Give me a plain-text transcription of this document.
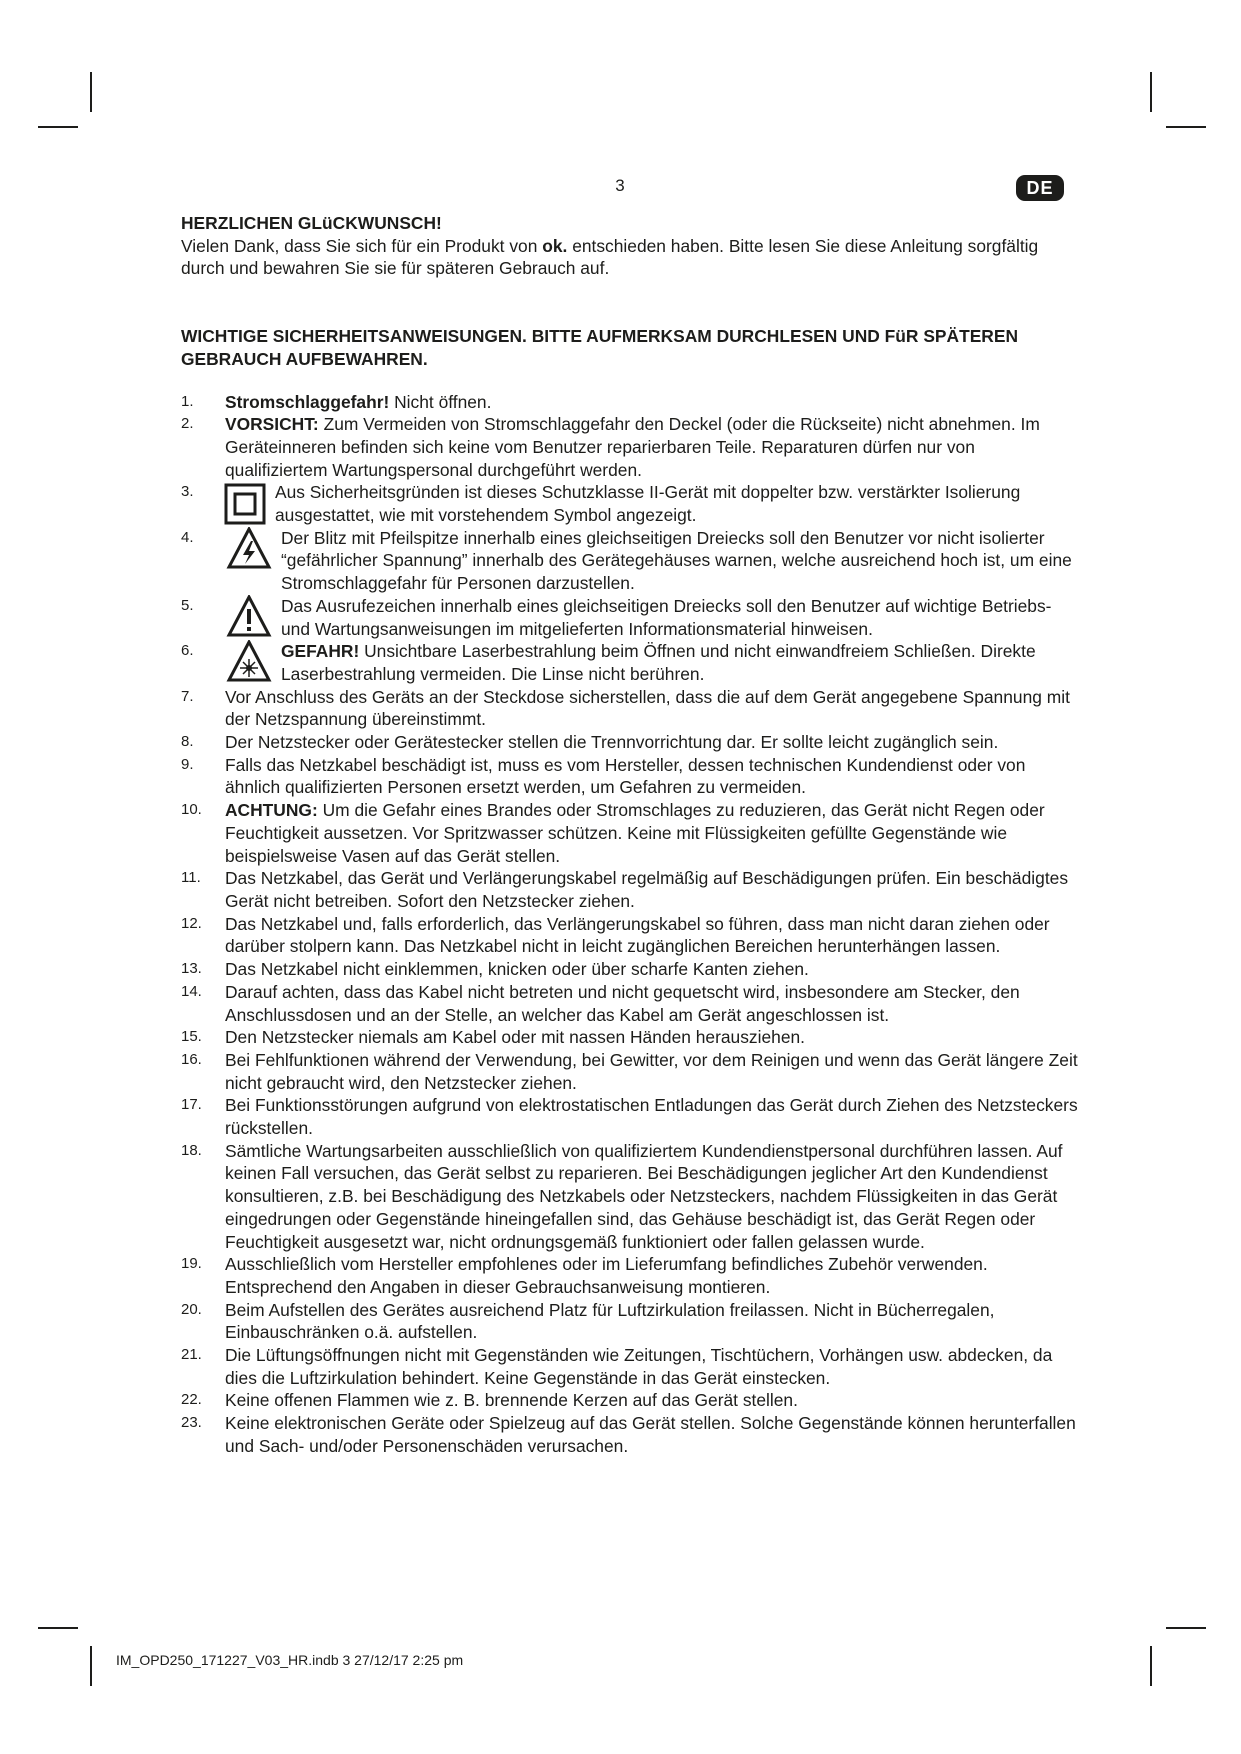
3	DE

HERZLICHEN GLüCKWUNSCH!

Vielen Dank, dass Sie sich für ein Produkt von ok. entschieden haben. Bitte lesen Sie diese Anleitung sorgfältig durch und bewahren Sie sie für späteren Gebrauch auf.

WICHTIGE SICHERHEITSANWEISUNGEN. BITTE AUFMERKSAM DURCHLESEN UND FüR SPÄTEREN GEBRAUCH AUFBEWAHREN.

1.	Stromschlaggefahr! Nicht öffnen.
2.	VORSICHT: Zum Vermeiden von Stromschlaggefahr den Deckel (oder die Rückseite) nicht abnehmen. Im Geräteinneren befinden sich keine vom Benutzer reparierbaren Teile. Reparaturen dürfen nur von qualifiziertem Wartungspersonal durchgeführt werden.
3.	Aus Sicherheitsgründen ist dieses Schutzklasse II-Gerät mit doppelter bzw. verstärkter Isolierung ausgestattet, wie mit vorstehendem Symbol angezeigt.
4.	Der Blitz mit Pfeilspitze innerhalb eines gleichseitigen Dreiecks soll den Benutzer vor nicht isolierter “gefährlicher Spannung” innerhalb des Gerätegehäuses warnen, welche ausreichend hoch ist, um eine Stromschlaggefahr für Personen darzustellen.
5.	Das Ausrufezeichen innerhalb eines gleichseitigen Dreiecks soll den Benutzer auf wichtige Betriebs- und Wartungsanweisungen im mitgelieferten Informationsmaterial hinweisen.
6.	GEFAHR! Unsichtbare Laserbestrahlung beim Öffnen und nicht einwandfreiem Schließen. Direkte Laserbestrahlung vermeiden. Die Linse nicht berühren.
7.	Vor Anschluss des Geräts an der Steckdose sicherstellen, dass die auf dem Gerät angegebene Spannung mit der Netzspannung übereinstimmt.
8.	Der Netzstecker oder Gerätestecker stellen die Trennvorrichtung dar. Er sollte leicht zugänglich sein.
9.	Falls das Netzkabel beschädigt ist, muss es vom Hersteller, dessen technischen Kundendienst oder von ähnlich qualifizierten Personen ersetzt werden, um Gefahren zu vermeiden.
10.	ACHTUNG: Um die Gefahr eines Brandes oder Stromschlages zu reduzieren, das Gerät nicht Regen oder Feuchtigkeit aussetzen. Vor Spritzwasser schützen. Keine mit Flüssigkeiten gefüllte Gegenstände wie beispielsweise Vasen auf das Gerät stellen.
11.	Das Netzkabel, das Gerät und Verlängerungskabel regelmäßig auf Beschädigungen prüfen. Ein beschädigtes Gerät nicht betreiben. Sofort den Netzstecker ziehen.
12.	Das Netzkabel und, falls erforderlich, das Verlängerungskabel so führen, dass man nicht daran ziehen oder darüber stolpern kann. Das Netzkabel nicht in leicht zugänglichen Bereichen herunterhängen lassen.
13.	Das Netzkabel nicht einklemmen, knicken oder über scharfe Kanten ziehen.
14.	Darauf achten, dass das Kabel nicht betreten und nicht gequetscht wird, insbesondere am Stecker, den Anschlussdosen und an der Stelle, an welcher das Kabel am Gerät angeschlossen ist.
15.	Den Netzstecker niemals am Kabel oder mit nassen Händen herausziehen.
16.	Bei Fehlfunktionen während der Verwendung, bei Gewitter, vor dem Reinigen und wenn das Gerät längere Zeit nicht gebraucht wird, den Netzstecker ziehen.
17.	Bei Funktionsstörungen aufgrund von elektrostatischen Entladungen das Gerät durch Ziehen des Netzsteckers rückstellen.
18.	Sämtliche Wartungsarbeiten ausschließlich von qualifiziertem Kundendienstpersonal durchführen lassen. Auf keinen Fall versuchen, das Gerät selbst zu reparieren. Bei Beschädigungen jeglicher Art den Kundendienst konsultieren, z.B. bei Beschädigung des Netzkabels oder Netzsteckers, nachdem Flüssigkeiten in das Gerät eingedrungen oder Gegenstände hineingefallen sind, das Gehäuse beschädigt ist, das Gerät Regen oder Feuchtigkeit ausgesetzt war, nicht ordnungsgemäß funktioniert oder fallen gelassen wurde.
19.	Ausschließlich vom Hersteller empfohlenes oder im Lieferumfang befindliches Zubehör verwenden. Entsprechend den Angaben in dieser Gebrauchsanweisung montieren.
20.	Beim Aufstellen des Gerätes ausreichend Platz für Luftzirkulation freilassen. Nicht in Bücherregalen, Einbauschränken o.ä. aufstellen.
21.	Die Lüftungsöffnungen nicht mit Gegenständen wie Zeitungen, Tischtüchern, Vorhängen usw. abdecken, da dies die Luftzirkulation behindert. Keine Gegenstände in das Gerät einstecken.
22.	Keine offenen Flammen wie z. B. brennende Kerzen auf das Gerät stellen.
23.	Keine elektronischen Geräte oder Spielzeug auf das Gerät stellen. Solche Gegenstände können herunterfallen und Sach- und/oder Personenschäden verursachen.
IM_OPD250_171227_V03_HR.indb 3 27/12/17 2:25 pm
